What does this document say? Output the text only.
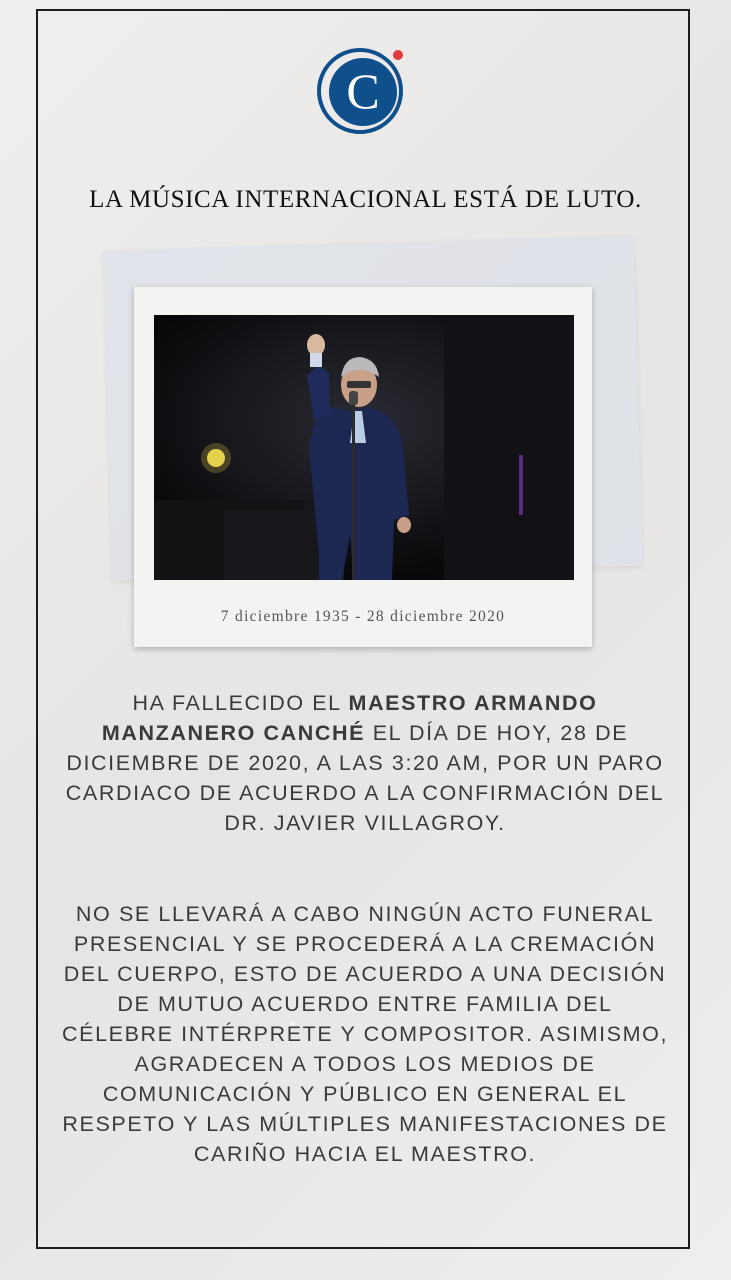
C
LA MÚSICA INTERNACIONAL ESTÁ DE LUTO.
7 diciembre 1935 - 28 diciembre 2020
HA FALLECIDO EL MAESTRO ARMANDO MANZANERO CANCHÉ EL DÍA DE HOY, 28 DE DICIEMBRE DE 2020, A LAS 3:20 AM, POR UN PARO CARDIACO DE ACUERDO A LA CONFIRMACIÓN DEL DR. JAVIER VILLAGROY.
NO SE LLEVARÁ A CABO NINGÚN ACTO FUNERAL PRESENCIAL Y SE PROCEDERÁ A LA CREMACIÓN DEL CUERPO, ESTO DE ACUERDO A UNA DECISIÓN DE MUTUO ACUERDO ENTRE FAMILIA DEL CÉLEBRE INTÉRPRETE Y COMPOSITOR. ASIMISMO, AGRADECEN A TODOS LOS MEDIOS DE COMUNICACIÓN Y PÚBLICO EN GENERAL EL RESPETO Y LAS MÚLTIPLES MANIFESTACIONES DE CARIÑO HACIA EL MAESTRO.
